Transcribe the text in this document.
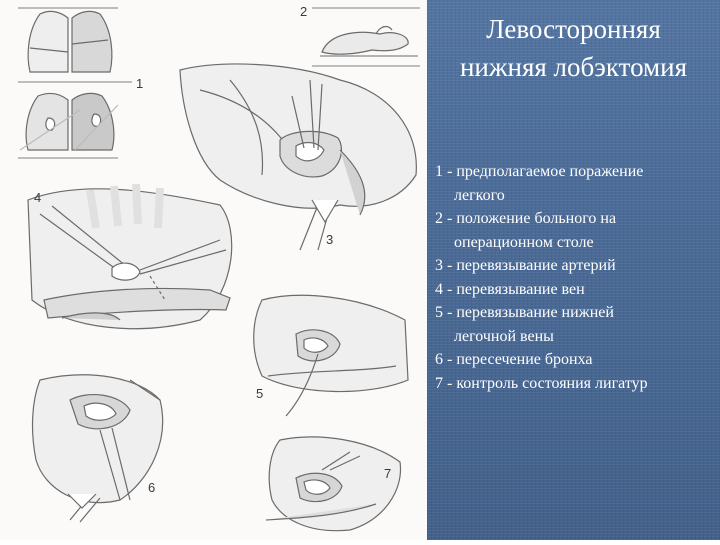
2
1
4
3
5
6
7
Левосторонняя
нижняя лобэктомия
1 - предполагаемое поражение
легкого
2 - положение больного на
операционном столе
3 - перевязывание артерий
4 - перевязывание вен
5 - перевязывание нижней
легочной вены
6 - пересечение бронха
7 - контроль состояния лигатур
